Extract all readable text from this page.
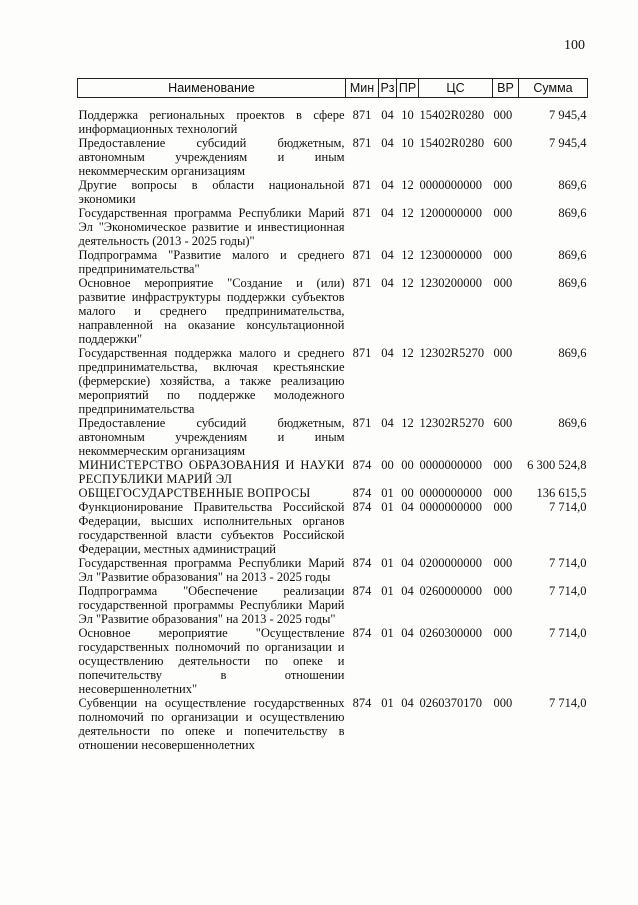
100
Наименование	Мин	Рз	ПР	ЦС	ВР	Сумма
Поддержка региональных проектов в сфере информационных технологий	871	04	10	15402R0280	000	7 945,4
Предоставление субсидий бюджетным, автономным учреждениям и иным некоммерческим организациям	871	04	10	15402R0280	600	7 945,4
Другие вопросы в области национальной экономики	871	04	12	0000000000	000	869,6
Государственная программа Республики Марий Эл "Экономическое развитие и инвестиционная деятельность (2013 - 2025 годы)"	871	04	12	1200000000	000	869,6
Подпрограмма "Развитие малого и среднего предпринимательства"	871	04	12	1230000000	000	869,6
Основное мероприятие "Создание и (или) развитие инфраструктуры поддержки субъектов малого и среднего предпринимательства, направленной на оказание консультационной поддержки"	871	04	12	1230200000	000	869,6
Государственная поддержка малого и среднего предпринимательства, включая крестьянские (фермерские) хозяйства, а также реализацию мероприятий по поддержке молодежного предпринимательства	871	04	12	12302R5270	000	869,6
Предоставление субсидий бюджетным, автономным учреждениям и иным некоммерческим организациям	871	04	12	12302R5270	600	869,6
МИНИСТЕРСТВО ОБРАЗОВАНИЯ И НАУКИ РЕСПУБЛИКИ МАРИЙ ЭЛ	874	00	00	0000000000	000	6 300 524,8
ОБЩЕГОСУДАРСТВЕННЫЕ ВОПРОСЫ	874	01	00	0000000000	000	136 615,5
Функционирование Правительства Российской Федерации, высших исполнительных органов государственной власти субъектов Российской Федерации, местных администраций	874	01	04	0000000000	000	7 714,0
Государственная программа Республики Марий Эл "Развитие образования" на 2013 - 2025 годы	874	01	04	0200000000	000	7 714,0
Подпрограмма "Обеспечение реализации государственной программы Республики Марий Эл "Развитие образования" на 2013 - 2025 годы"	874	01	04	0260000000	000	7 714,0
Основное мероприятие "Осуществление государственных полномочий по организации и осуществлению деятельности по опеке и попечительству в отношении несовершеннолетних"	874	01	04	0260300000	000	7 714,0
Субвенции на осуществление государственных полномочий по организации и осуществлению деятельности по опеке и попечительству в отношении несовершеннолетних	874	01	04	0260370170	000	7 714,0
